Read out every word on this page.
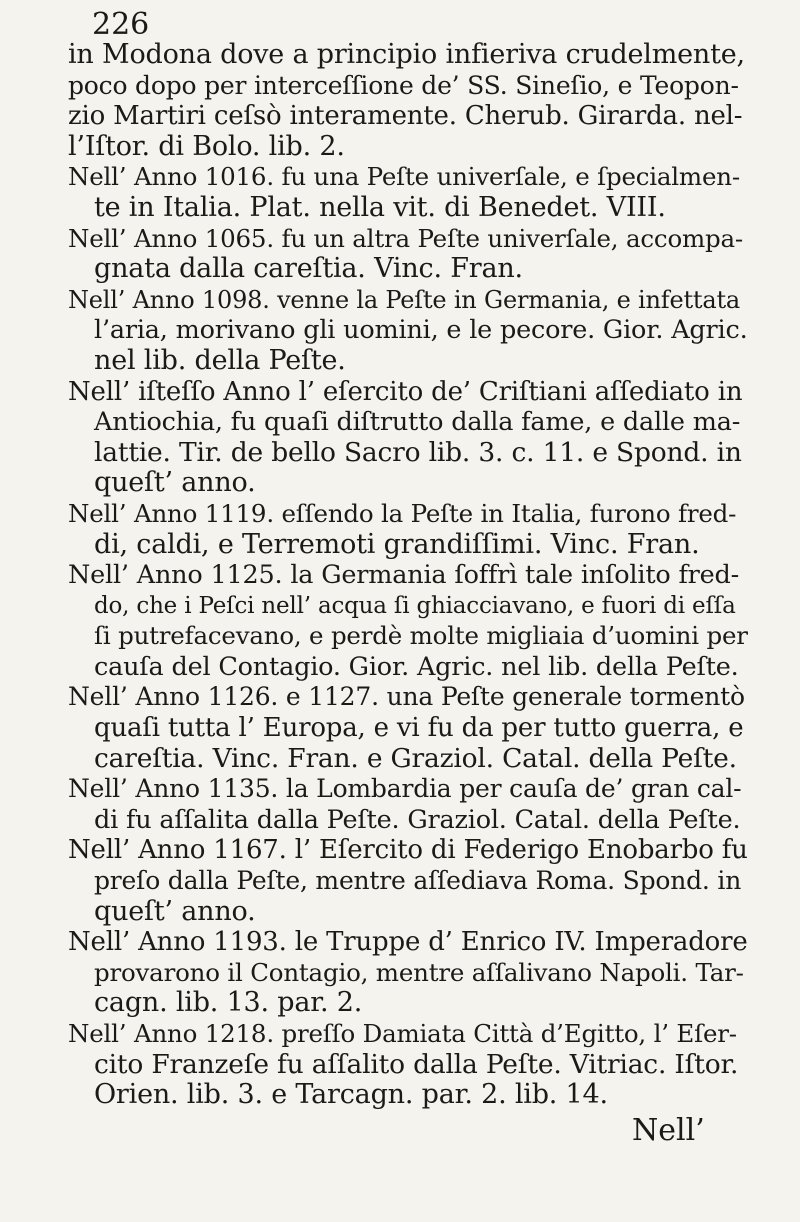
226
in Modona dove a principio infieriva crudelmente,
poco dopo per interceſſione de’ SS. Sineſio, e Teopon-
zio Martiri ceſsò interamente. Cherub. Girarda. nel-
l’Iſtor. di Bolo. lib. 2.
Nell’ Anno 1016. fu una Peſte univerſale, e ſpecialmen-
te in Italia. Plat. nella vit. di Benedet. VIII.
Nell’ Anno 1065. fu un altra Peſte univerſale, accompa-
gnata dalla careſtia. Vinc. Fran.
Nell’ Anno 1098. venne la Peſte in Germania, e infettata
l’aria, morivano gli uomini, e le pecore. Gior. Agric.
nel lib. della Peſte.
Nell’ iſteſſo Anno l’ eſercito de’ Criſtiani aſſediato in
Antiochia, fu quaſi diſtrutto dalla fame, e dalle ma-
lattie. Tir. de bello Sacro lib. 3. c. 11. e Spond. in
queſt’ anno.
Nell’ Anno 1119. eſſendo la Peſte in Italia, furono fred-
di, caldi, e Terremoti grandiſſimi. Vinc. Fran.
Nell’ Anno 1125. la Germania ſoffrì tale inſolito fred-
do, che i Peſci nell’ acqua ſi ghiacciavano, e fuori di eſſa
ſi putrefacevano, e perdè molte migliaia d’uomini per
cauſa del Contagio. Gior. Agric. nel lib. della Peſte.
Nell’ Anno 1126. e 1127. una Peſte generale tormentò
quaſi tutta l’ Europa, e vi fu da per tutto guerra, e
careſtia. Vinc. Fran. e Graziol. Catal. della Peſte.
Nell’ Anno 1135. la Lombardia per cauſa de’ gran cal-
di fu aſſalita dalla Peſte. Graziol. Catal. della Peſte.
Nell’ Anno 1167. l’ Eſercito di Federigo Enobarbo fu
preſo dalla Peſte, mentre aſſediava Roma. Spond. in
queſt’ anno.
Nell’ Anno 1193. le Truppe d’ Enrico IV. Imperadore
provarono il Contagio, mentre aſſalivano Napoli. Tar-
cagn. lib. 13. par. 2.
Nell’ Anno 1218. preſſo Damiata Città d’Egitto, l’ Eſer-
cito Franzeſe fu aſſalito dalla Peſte. Vitriac. Iſtor.
Orien. lib. 3. e Tarcagn. par. 2. lib. 14.
Nell’
